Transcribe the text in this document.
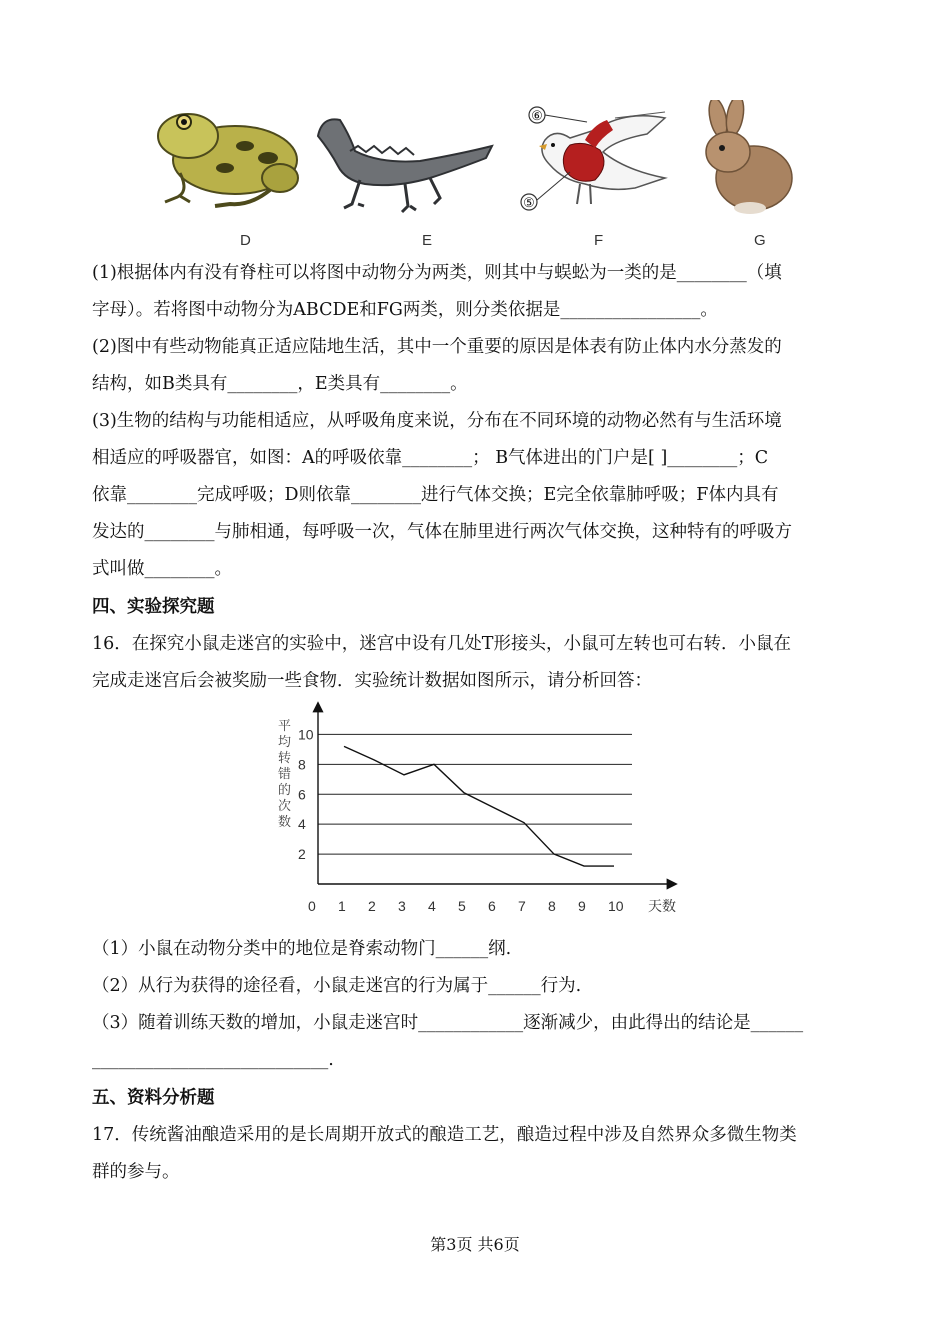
⑥
⑤
D	E	F	G
(1)根据体内有没有脊柱可以将图中动物分为两类，则其中与蜈蚣为一类的是________（填
字母）。若将图中动物分为ABCDE和FG两类，则分类依据是________________。
(2)图中有些动物能真正适应陆地生活，其中一个重要的原因是体表有防止体内水分蒸发的
结构，如B类具有________，E类具有________。
(3)生物的结构与功能相适应，从呼吸角度来说，分布在不同环境的动物必然有与生活环境
相适应的呼吸器官，如图：A的呼吸依靠________； B气体进出的门户是[ ]________；C
依靠________完成呼吸；D则依靠________进行气体交换；E完全依靠肺呼吸；F体内具有
发达的________与肺相通，每呼吸一次，气体在肺里进行两次气体交换，这种特有的呼吸方
式叫做________。
四、实验探究题
16．在探究小鼠走迷宫的实验中，迷宫中设有几处T形接头，小鼠可左转也可右转．小鼠在
完成走迷宫后会被奖励一些食物．实验统计数据如图所示，请分析回答：
平
均
转
错
的
次
数
2
4
6
8
10
0 1 2 3 4 5 6 7 8 9 10 天数
（1）小鼠在动物分类中的地位是脊索动物门______纲.
（2）从行为获得的途径看，小鼠走迷宫的行为属于______行为.
（3）随着训练天数的增加，小鼠走迷宫时____________逐渐减少，由此得出的结论是______
___________________________.
五、资料分析题
17．传统酱油酿造采用的是长周期开放式的酿造工艺，酿造过程中涉及自然界众多微生物类
群的参与。
第3页 共6页
